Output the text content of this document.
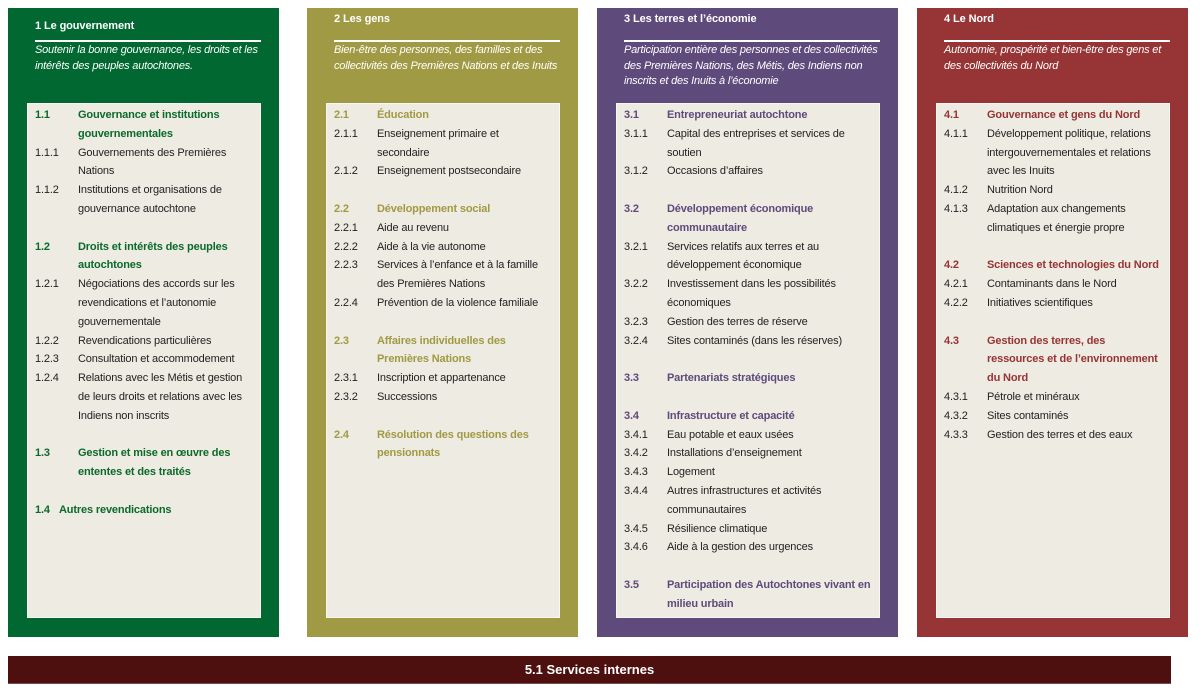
1 Le gouvernement
Soutenir la bonne gouvernance, les droits et les intérêts des peuples autochtones.
1.1	Gouvernance et institutions gouvernementales
1.1.1	Gouvernements des Premières Nations
1.1.2	Institutions et organisations de gouvernance autochtone
1.2	Droits et intérêts des peuples autochtones
1.2.1	Négociations des accords sur les revendications et l’autonomie gouvernementale
1.2.2	Revendications particulières
1.2.3	Consultation et accommodement
1.2.4	Relations avec les Métis et gestion de leurs droits et relations avec les Indiens non inscrits
1.3	Gestion et mise en œuvre des ententes et des traités
1.4 Autres revendications
2 Les gens
Bien-être des personnes, des familles et des collectivités des Premières Nations et des Inuits
2.1	Éducation
2.1.1	Enseignement primaire et secondaire
2.1.2	Enseignement postsecondaire
2.2	Développement social
2.2.1	Aide au revenu
2.2.2	Aide à la vie autonome
2.2.3	Services à l’enfance et à la famille des Premières Nations
2.2.4	Prévention de la violence familiale
2.3	Affaires individuelles des Premières Nations
2.3.1	Inscription et appartenance
2.3.2	Successions
2.4	Résolution des questions des pensionnats
3 Les terres et l’économie
Participation entière des personnes et des collectivités des Premières Nations, des Métis, des Indiens non inscrits et des Inuits à l’économie
3.1	Entrepreneuriat autochtone
3.1.1	Capital des entreprises et services de soutien
3.1.2	Occasions d’affaires
3.2	Développement économique communautaire
3.2.1	Services relatifs aux terres et au développement économique
3.2.2	Investissement dans les possibilités économiques
3.2.3	Gestion des terres de réserve
3.2.4	Sites contaminés (dans les réserves)
3.3	Partenariats stratégiques
3.4	Infrastructure et capacité
3.4.1	Eau potable et eaux usées
3.4.2	Installations d’enseignement
3.4.3	Logement
3.4.4	Autres infrastructures et activités communautaires
3.4.5	Résilience climatique
3.4.6	Aide à la gestion des urgences
3.5	Participation des Autochtones vivant en milieu urbain
4 Le Nord
Autonomie, prospérité et bien-être des gens et des collectivités du Nord
4.1	Gouvernance et gens du Nord
4.1.1	Développement politique, relations intergouvernementales et relations avec les Inuits
4.1.2	Nutrition Nord
4.1.3	Adaptation aux changements climatiques et énergie propre
4.2	Sciences et technologies du Nord
4.2.1	Contaminants dans le Nord
4.2.2	Initiatives scientifiques
4.3	Gestion des terres, des ressources et de l’environnement du Nord
4.3.1	Pétrole et minéraux
4.3.2	Sites contaminés
4.3.3	Gestion des terres et des eaux
5.1 Services internes
